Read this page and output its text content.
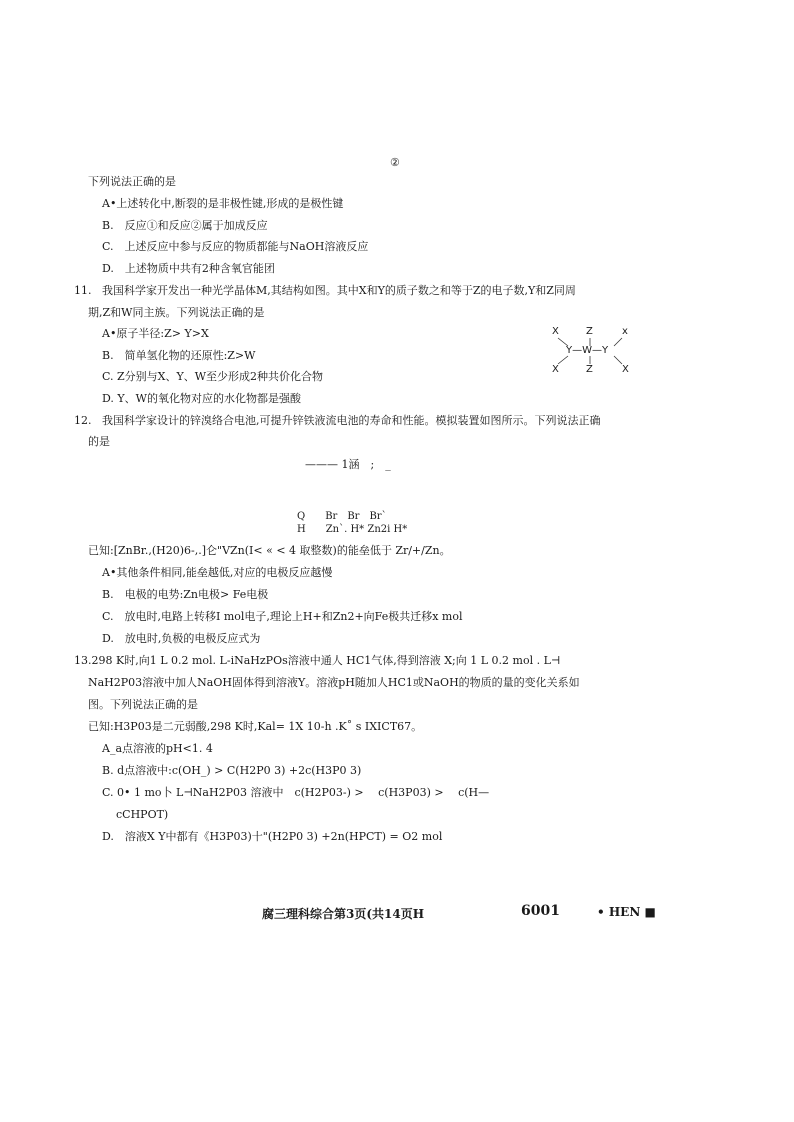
②
下列说法正确的是
A•上述转化中,断裂的是非极性键,形成的是极性键
B.　反应①和反应②属于加成反应
C.　上述反应中参与反应的物质都能与NaOH溶液反应
D.　上述物质中共有2种含氧官能团
11. 我国科学家开发出一种光学晶体M,其结构如图。其中X和Y的质子数之和等于Z的电子数,Y和Z同周
期,Z和W同主族。下列说法正确的是
A•原子半径:Z> Y>X
B.　简单氢化物的还原性:Z>W
C. Z分别与X、Y、W至少形成2种共价化合物
D. Y、W的氧化物对应的水化物都是强酸
X	Z	x
Y—W—Y
X	Z	X
12. 我国科学家设计的锌溴络合电池,可提升锌铁液流电池的寿命和性能。模拟装置如图所示。下列说法正确
的是
——— 1涵　;　_
Q　　Br　Br　Br`
H　　Zn`. H* Zn2i H*
已知:[ZnBr.,(H20)6-,.]仑"VZn(I< « < 4 取整数)的能垒低于 Zr/+/Zn。
A•其他条件相同,能垒越低,对应的电极反应越慢
B.　电极的电势:Zn电极> Fe电极
C.　放电时,电路上转移I mol电子,理论上H+和Zn2+向Fe极共迁移x mol
D.　放电时,负极的电极反应式为
13.298 K时,向1 L 0.2 mol. L-iNaHzPOs溶液中通人 HC1气体,得到溶液 X;向 1 L 0.2 mol . L⊣
NaH2P03溶液中加人NaOH固体得到溶液Y。溶液pH随加人HC1或NaOH的物质的量的变化关系如
图。下列说法正确的是
已知:H3P03是二元弱酸,298 K时,Kal= 1X 10-h .K˚ s IXICT67。
A_a点溶液的pH<1. 4
B. d点溶液中:c(OH_) > C(H2P0 3) +2c(H3P0 3)
C. 0• 1 mo卜 L⊣NaH2P03 溶液中　c(H2P03-) > 　c(H3P03) > 　c(H—
cCHPOT)
D.　溶液X Y中都有《H3P03)十"(H2P0 3) +2n(HPCT) = O2 mol
腐三理科综合第3页(共14页H	6001	• HEN ■
